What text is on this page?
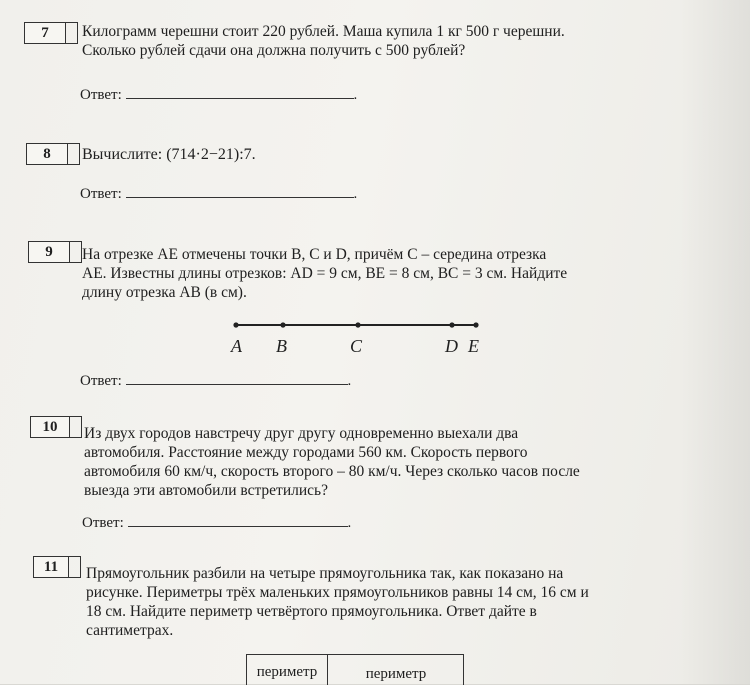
7	Килограмм черешни стоит 220 рублей. Маша купила 1 кг 500 г черешни.
Сколько рублей сдачи она должна получить с 500 рублей?
Ответ:	.
8	Вычислите: (714·2−21):7.
Ответ:	.
9	На отрезке AE отмечены точки B, C и D, причём C – середина отрезка
AE. Известны длины отрезков: AD = 9 см, BE = 8 см, BC = 3 см. Найдите
длину отрезка AB (в см).
A B	C	D E
Ответ:	.
10	Из двух городов навстречу друг другу одновременно выехали два
автомобиля. Расстояние между городами 560 км. Скорость первого
автомобиля 60 км/ч, скорость второго – 80 км/ч. Через сколько часов после
выезда эти автомобили встретились?
Ответ:	.
11	Прямоугольник разбили на четыре прямоугольника так, как показано на
рисунке. Периметры трёх маленьких прямоугольников равны 14 см, 16 см и
18 см. Найдите периметр четвёртого прямоугольника. Ответ дайте в
сантиметрах.
периметр	периметр
